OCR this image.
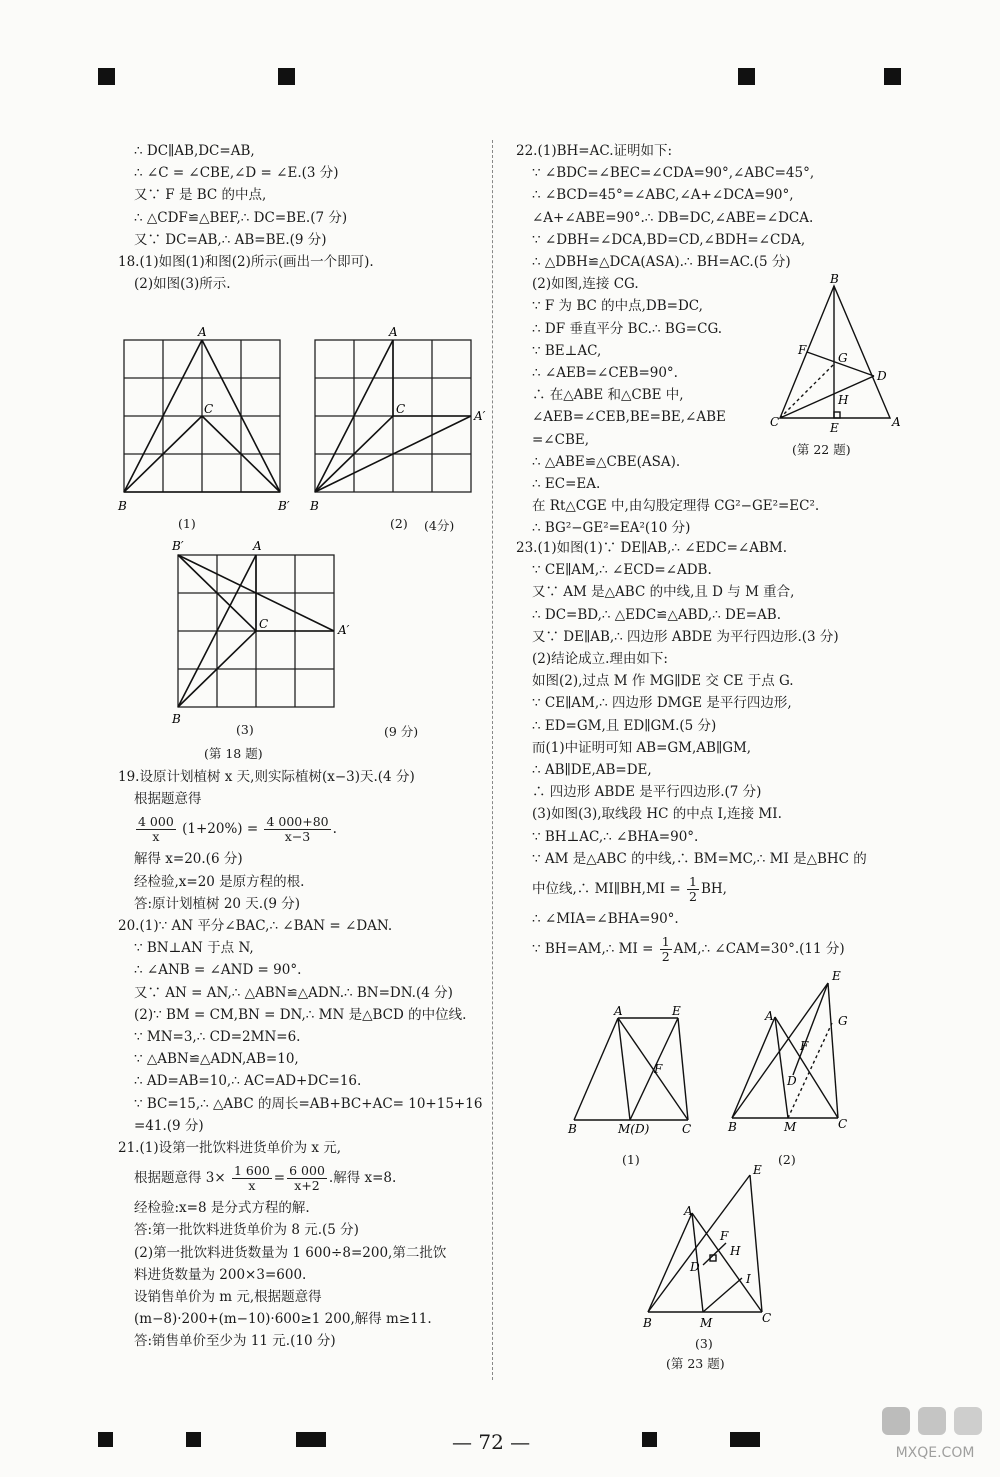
∴ DC∥AB,DC=AB,

∴ ∠C = ∠CBE,∠D = ∠E.(3 分)

又∵ F 是 BC 的中点,

∴ △CDF≌△BEF,∴ DC=BE.(7 分)

又∵ DC=AB,∴ AB=BE.(9 分)

18.(1)如图(1)和图(2)所示(画出一个即可).

(2)如图(3)所示.

A
C
B	B′
A
C	A′
B
B′	A
C	A′
B
(1)	(2) (4分)
(3)	(9 分)
(第 18 题)

19.设原计划植树 x 天,则实际植树(x−3)天.(4 分)

根据题意得

$\frac{4 000}{x} (1+20\%) = \frac{4 000+80}{x-3}$ .

解得 x=20.(6 分)

经检验,x=20 是原方程的根.

答:原计划植树 20 天.(9 分)

20.(1)∵ AN 平分∠BAC,∴ ∠BAN = ∠DAN.

∵ BN⊥AN 于点 N,

∴ ∠ANB = ∠AND = 90°.

又∵ AN = AN,∴ △ABN≌△ADN.∴ BN=DN.(4 分)

(2)∵ BM = CM,BN = DN,∴ MN 是△BCD 的中位线.

∵ MN=3,∴ CD=2MN=6.

∵ △ABN≌△ADN,AB=10,

∴ AD=AB=10,∴ AC=AD+DC=16.

∵ BC=15,∴ △ABC 的周长=AB+BC+AC= 10+15+16

=41.(9 分)

21.(1)设第一批饮料进货单价为 x 元,

根据题意得 $3\times \frac{1 600}{x} = \frac{6 000}{x+2}$ .解得 x=8.

经检验:x=8 是分式方程的解.

答:第一批饮料进货单价为 8 元.(5 分)

(2)第一批饮料进货数量为 1 600÷8=200,第二批饮

料进货数量为 200×3=600.

设销售单价为 m 元,根据题意得

(m−8)·200+(m−10)·600≥1 200,解得 m≥11.

答:销售单价至少为 11 元.(10 分)

22.(1)BH=AC.证明如下:

∵ ∠BDC=∠BEC=∠CDA=90°,∠ABC=45°,

∴ ∠BCD=45°=∠ABC,∠A+∠DCA=90°,

∠A+∠ABE=90°.∴ DB=DC,∠ABE=∠DCA.

∵ ∠DBH=∠DCA,BD=CD,∠BDH=∠CDA,

∴ △DBH≌△DCA(ASA).∴ BH=AC.(5 分)

(2)如图,连接 CG.

∵ F 为 BC 的中点,DB=DC,

∴ DF 垂直平分 BC.∴ BG=CG.

∵ BE⊥AC,

∴ ∠AEB=∠CEB=90°.

∴ 在△ABE 和△CBE 中,

∠AEB=∠CEB,BE=BE,∠ABE

=∠CBE,

∴ △ABE≌△CBE(ASA).

∴ EC=EA.

在 Rt△CGE 中,由勾股定理得 CG²−GE²=EC².

∴ BG²−GE²=EA²(10 分)

B
F
G
D
H
C	E	A
(第 22 题)

23.(1)如图(1)∵ DE∥AB,∴ ∠EDC=∠ABM.

∵ CE∥AM,∴ ∠ECD=∠ADB.

又∵ AM 是△ABC 的中线,且 D 与 M 重合,

∴ DC=BD,∴ △EDC≌△ABD,∴ DE=AB.

又∵ DE∥AB,∴ 四边形 ABDE 为平行四边形.(3 分)

(2)结论成立.理由如下:

如图(2),过点 M 作 MG∥DE 交 CE 于点 G.

∵ CE∥AM,∴ 四边形 DMGE 是平行四边形,

∴ ED=GM,且 ED∥GM.(5 分)

而(1)中证明可知 AB=GM,AB∥GM,

∴ AB∥DE,AB=DE,

∴ 四边形 ABDE 是平行四边形.(7 分)

(3)如图(3),取线段 HC 的中点 I,连接 MI.

∵ BH⊥AC,∴ ∠BHA=90°.

∵ AM 是△ABC 的中线,∴ BM=MC,∴ MI 是△BHC 的

中位线,∴ MI∥BH,MI = $\frac{1}{2}$ BH,

∴ ∠MIA=∠BHA=90°.

∵ BH=AM,∴ MI = $\frac{1}{2}$ AM,∴ ∠CAM=30°.(11 分)

A	E
F
B	M(D)	C
A
E
G
F
D
B	M	C
A
E
F
H
D
I
B	M	C
(1)	(2)
(3)
(第 23 题)
— 72 —	MXQE.COM
